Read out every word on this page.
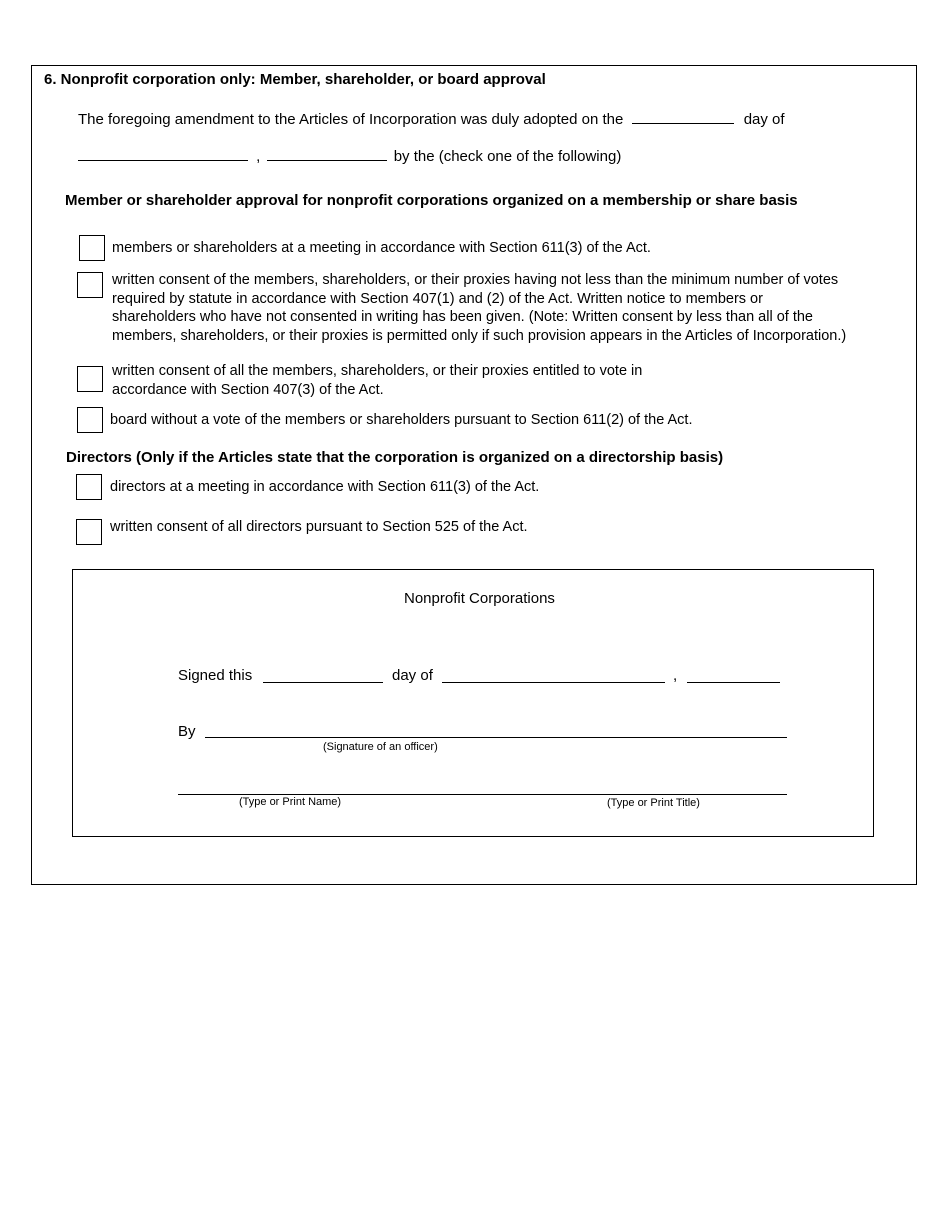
6. Nonprofit corporation only: Member, shareholder, or board approval
The foregoing amendment to the Articles of Incorporation was duly adopted on the	day of
,	by the (check one of the following)
Member or shareholder approval for nonprofit corporations organized on a membership or share basis
members or shareholders at a meeting in accordance with Section 611(3) of the Act.
written consent of the members, shareholders, or their proxies having not less than the minimum number of votes
required by statute in accordance with Section 407(1) and (2) of the Act. Written notice to members or
shareholders who have not consented in writing has been given. (Note: Written consent by less than all of the
members, shareholders, or their proxies is permitted only if such provision appears in the Articles of Incorporation.)
written consent of all the members, shareholders, or their proxies entitled to vote in
accordance with Section 407(3) of the Act.
board without a vote of the members or shareholders pursuant to Section 611(2) of the Act.
Directors (Only if the Articles state that the corporation is organized on a directorship basis)
directors at a meeting in accordance with Section 611(3) of the Act.
written consent of all directors pursuant to Section 525 of the Act.
Nonprofit Corporations
Signed this	day of	,
By
(Signature of an officer)
(Type or Print Name)	(Type or Print Title)
